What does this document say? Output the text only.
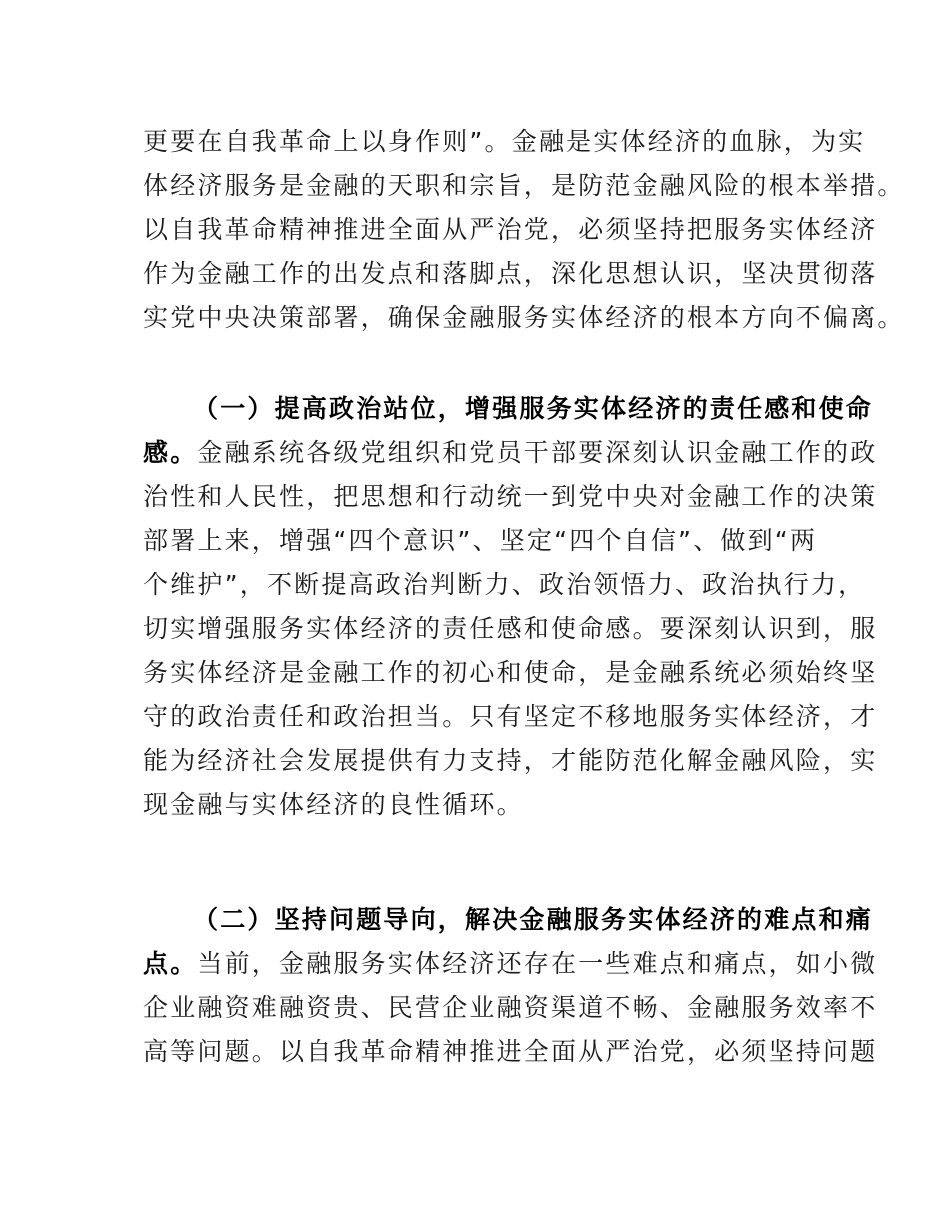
更要在自我革命上以身作则”。金融是实体经济的血脉，为实
体经济服务是金融的天职和宗旨，是防范金融风险的根本举措。
以自我革命精神推进全面从严治党，必须坚持把服务实体经济
作为金融工作的出发点和落脚点，深化思想认识，坚决贯彻落
实党中央决策部署，确保金融服务实体经济的根本方向不偏离。
（一）提高政治站位，增强服务实体经济的责任感和使命
感。金融系统各级党组织和党员干部要深刻认识金融工作的政
治性和人民性，把思想和行动统一到党中央对金融工作的决策
部署上来，增强“四个意识”、坚定“四个自信”、做到“两
个维护”，不断提高政治判断力、政治领悟力、政治执行力，
切实增强服务实体经济的责任感和使命感。要深刻认识到，服
务实体经济是金融工作的初心和使命，是金融系统必须始终坚
守的政治责任和政治担当。只有坚定不移地服务实体经济，才
能为经济社会发展提供有力支持，才能防范化解金融风险，实
现金融与实体经济的良性循环。
（二）坚持问题导向，解决金融服务实体经济的难点和痛
点。当前，金融服务实体经济还存在一些难点和痛点，如小微
企业融资难融资贵、民营企业融资渠道不畅、金融服务效率不
高等问题。以自我革命精神推进全面从严治党，必须坚持问题
